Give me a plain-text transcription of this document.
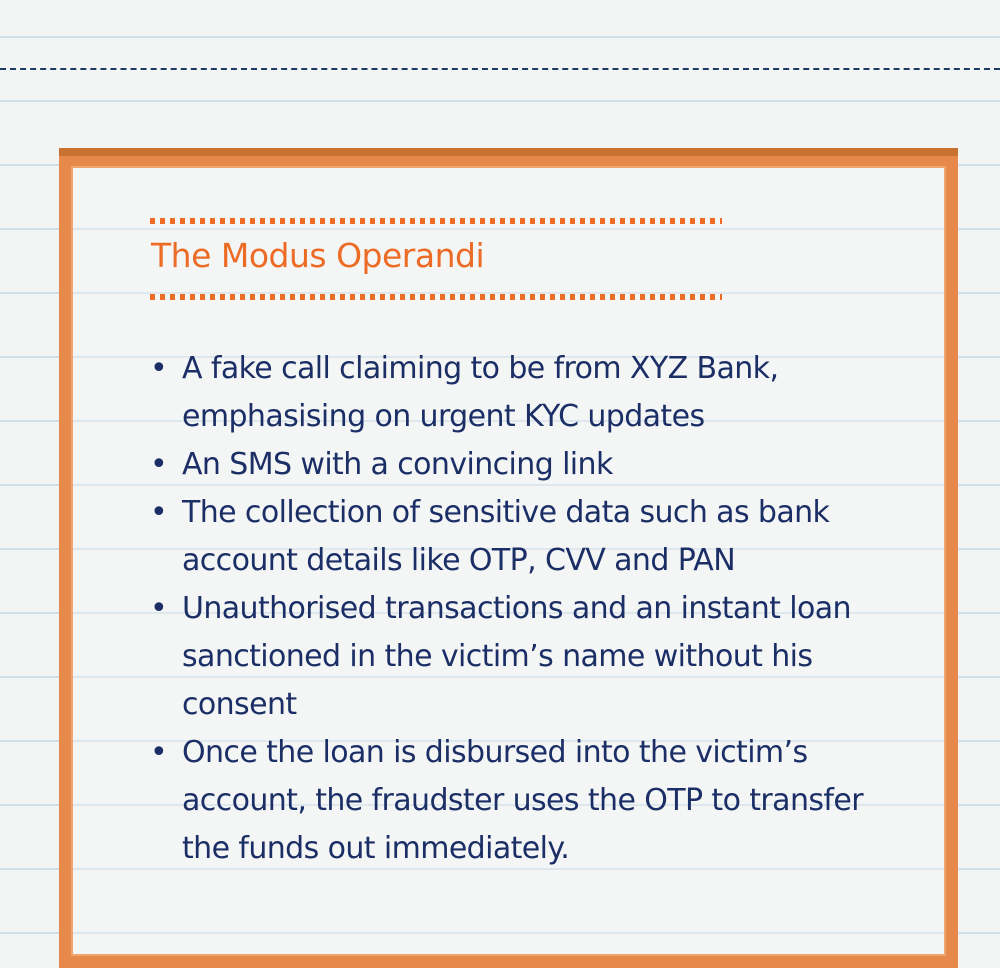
The Modus Operandi
• A fake call claiming to be from XYZ Bank, emphasising on urgent KYC updates
• An SMS with a convincing link
• The collection of sensitive data such as bank account details like OTP, CVV and PAN
• Unauthorised transactions and an instant loan sanctioned in the victim’s name without his consent
• Once the loan is disbursed into the victim’s account, the fraudster uses the OTP to transfer the funds out immediately.
